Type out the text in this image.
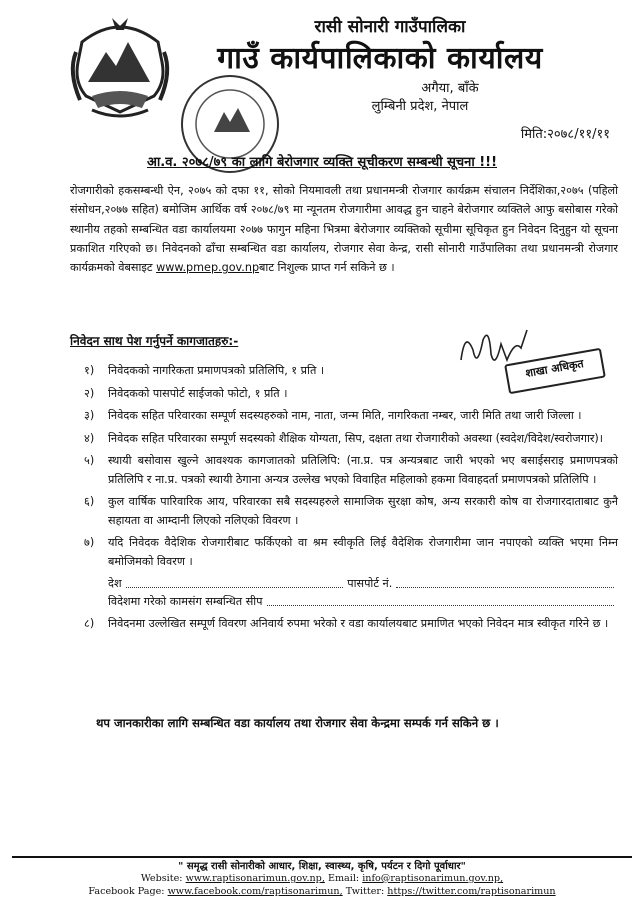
रासी सोनारी गाउँपालिका
गाउँ कार्यपालिकाको कार्यालय
अगैया, बाँके
लुम्बिनी प्रदेश, नेपाल
मिति:२०७८/११/११
आ.व. २०७८/७९ का लागि बेरोजगार व्यक्ति सूचीकरण सम्बन्धी सूचना !!!
रोजगारीको हकसम्बन्धी ऐन, २०७५ को दफा ११, सोको नियमावली तथा प्रधानमन्त्री रोजगार कार्यक्रम संचालन निर्देशिका,२०७५ (पहिलो संसोधन,२०७७ सहित) बमोजिम आर्थिक वर्ष २०७८/७९ मा न्यूनतम रोजगारीमा आवद्ध हुन चाहने बेरोजगार व्यक्तिले आफु बसोबास गरेको स्थानीय तहको सम्बन्धित वडा कार्यालयमा २०७७ फागुन महिना भित्रमा बेरोजगार व्यक्तिको सूचीमा सूचिकृत हुन निवेदन दिनुहुन यो सूचना प्रकाशित गरिएको छ। निवेदनको ढाँचा सम्बन्धित वडा कार्यालय, रोजगार सेवा केन्द्र, रासी सोनारी गाउँपालिका तथा प्रधानमन्त्री रोजगार कार्यक्रमको वेबसाइट www.pmep.gov.npबाट निशुल्क प्राप्त गर्न सकिने छ ।
निवेदन साथ पेश गर्नुपर्ने कागजातहरु:-
शाखा अधिकृत
१)	निवेदकको नागरिकता प्रमाणपत्रको प्रतिलिपि, १ प्रति ।
२)	निवेदकको पासपोर्ट साईजको फोटो, १ प्रति ।
३)	निवेदक सहित परिवारका सम्पूर्ण सदस्यहरुको नाम, नाता, जन्म मिति, नागरिकता नम्बर, जारी मिति तथा जारी जिल्ला ।
४)	निवेदक सहित परिवारका सम्पूर्ण सदस्यको शैक्षिक योग्यता, सिप, दक्षता तथा रोजगारीको अवस्था (स्वदेश/विदेश/स्वरोजगार)।
५)	स्थायी बसोवास खुल्ने आवश्यक कागजातको प्रतिलिपि: (ना.प्र. पत्र अन्यत्रबाट जारी भएको भए बसाईसराइ प्रमाणपत्रको प्रतिलिपि र ना.प्र. पत्रको स्थायी ठेगाना अन्यत्र उल्लेख भएको विवाहित महिलाको हकमा विवाहदर्ता प्रमाणपत्रको प्रतिलिपि ।
६)	कुल वार्षिक पारिवारिक आय, परिवारका सबै सदस्यहरुले सामाजिक सुरक्षा कोष, अन्य सरकारी कोष वा रोजगारदाताबाट कुनै सहायता वा आम्दानी लिएको नलिएको विवरण ।
७)	यदि निवेदक वैदेशिक रोजगारीबाट फर्किएको वा श्रम स्वीकृति लिई वैदेशिक रोजगारीमा जान नपाएको व्यक्ति भएमा निम्न बमोजिमको विवरण ।
देश	पासपोर्ट नं.
विदेशमा गरेको कामसंग सम्बन्धित सीप
८)	निवेदनमा उल्लेखित सम्पूर्ण विवरण अनिवार्य रुपमा भरेको र वडा कार्यालयबाट प्रमाणित भएको निवेदन मात्र स्वीकृत गरिने छ ।
थप जानकारीका लागि सम्बन्धित वडा कार्यालय तथा रोजगार सेवा केन्द्रमा सम्पर्क गर्न सकिने छ ।
" समृद्ध रासी सोनारीको आधार, शिक्षा, स्वास्थ्य, कृषि, पर्यटन र दिगो पूर्वाधार"
Website: www.raptisonarimun.gov.np, Email: info@raptisonarimun.gov.np,
Facebook Page: www.facebook.com/raptisonarimun, Twitter: https://twitter.com/raptisonarimun
